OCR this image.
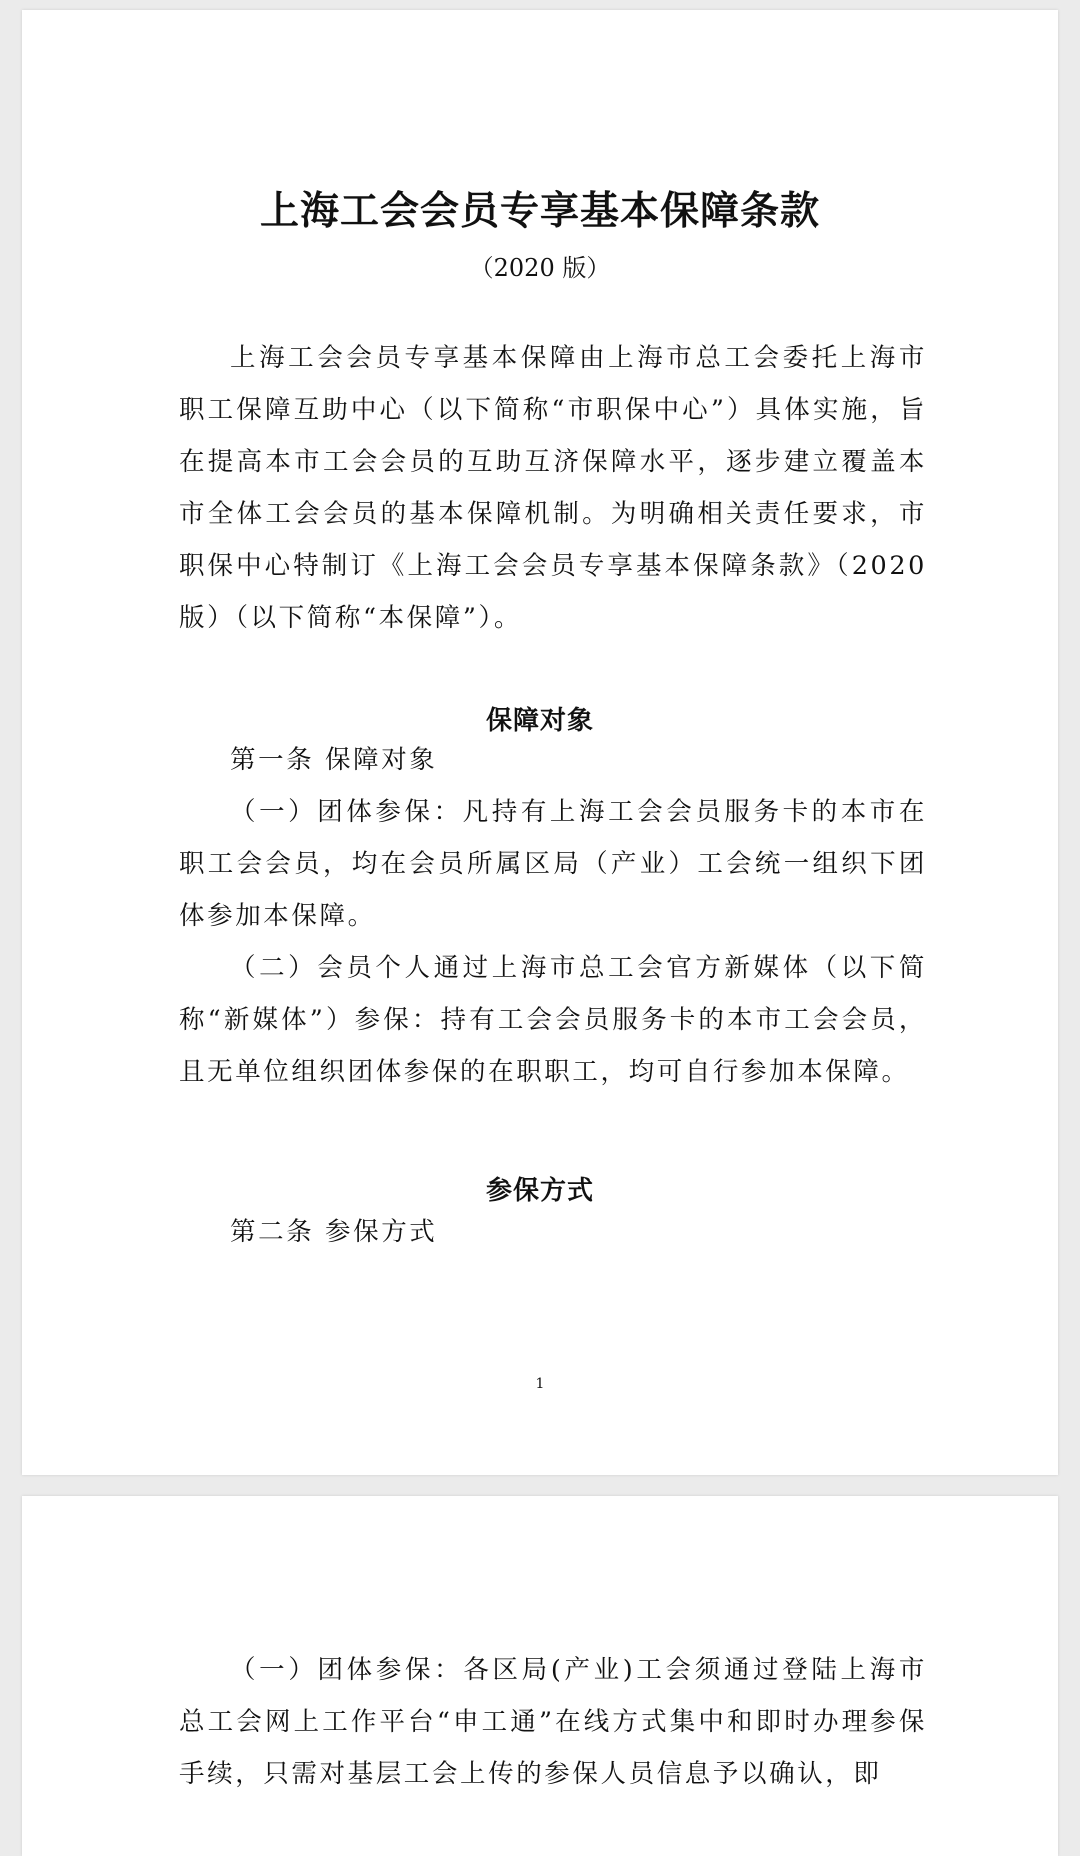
上海工会会员专享基本保障条款
（2020 版）

上海工会会员专享基本保障由上海市总工会委托上海市职工保障互助中心（以下简称“市职保中心”）具体实施，旨在提高本市工会会员的互助互济保障水平，逐步建立覆盖本市全体工会会员的基本保障机制。为明确相关责任要求，市职保中心特制订《上海工会会员专享基本保障条款》（2020版）（以下简称“本保障”）。

保障对象

第一条 保障对象

（一）团体参保：凡持有上海工会会员服务卡的本市在职工会会员，均在会员所属区局（产业）工会统一组织下团体参加本保障。

（二）会员个人通过上海市总工会官方新媒体（以下简称“新媒体”）参保：持有工会会员服务卡的本市工会会员，且无单位组织团体参保的在职职工，均可自行参加本保障。

参保方式

第二条 参保方式

1

（一）团体参保：各区局(产业)工会须通过登陆上海市总工会网上工作平台“申工通”在线方式集中和即时办理参保手续，只需对基层工会上传的参保人员信息予以确认，即
